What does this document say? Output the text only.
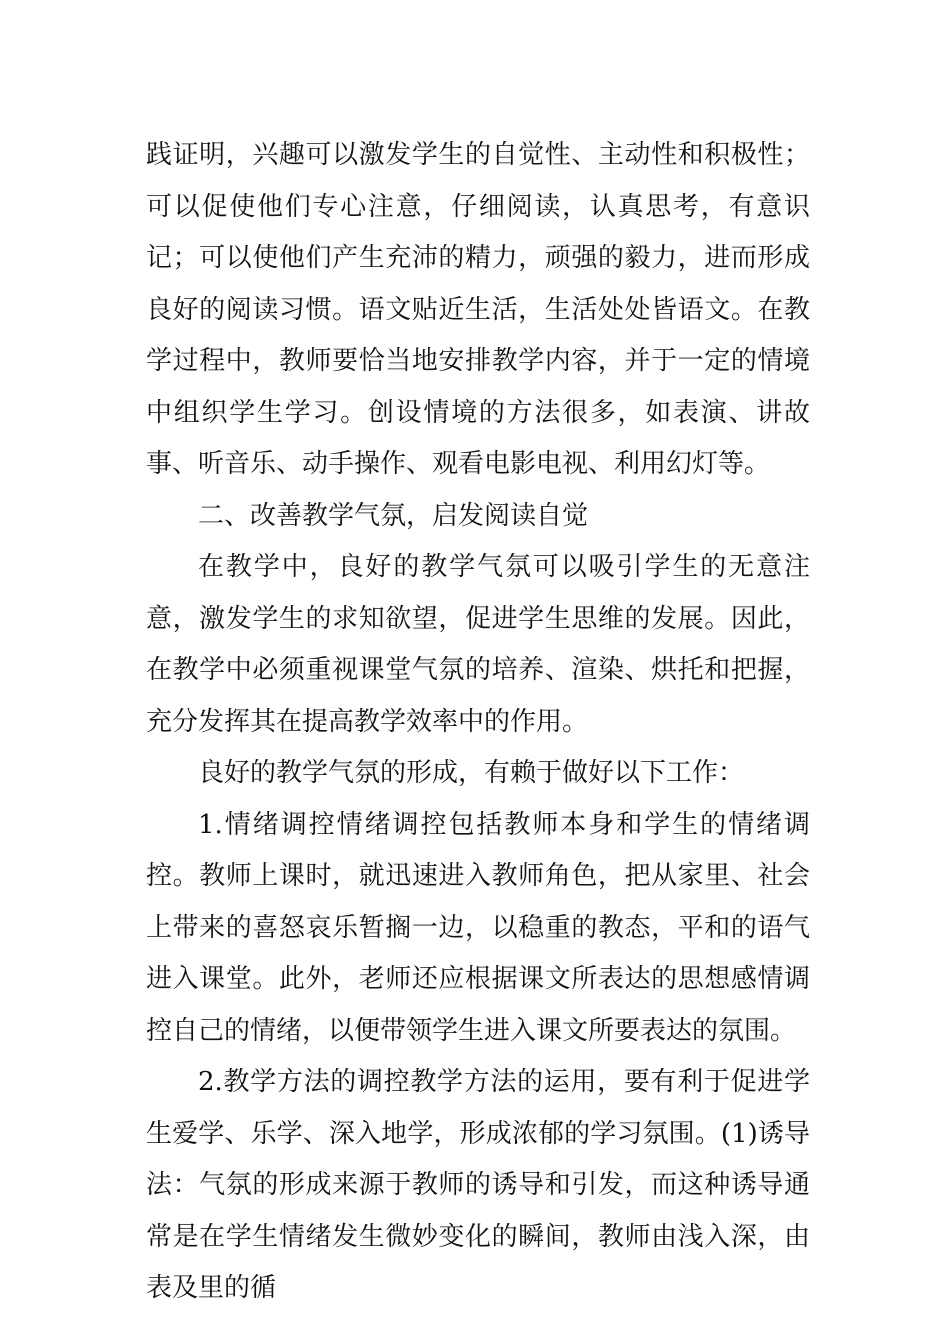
践证明，兴趣可以激发学生的自觉性、主动性和积极性；可以促使他们专心注意，仔细阅读，认真思考，有意识记；可以使他们产生充沛的精力，顽强的毅力，进而形成良好的阅读习惯。语文贴近生活，生活处处皆语文。在教学过程中，教师要恰当地安排教学内容，并于一定的情境中组织学生学习。创设情境的方法很多，如表演、讲故事、听音乐、动手操作、观看电影电视、利用幻灯等。

二、改善教学气氛，启发阅读自觉

在教学中，良好的教学气氛可以吸引学生的无意注意，激发学生的求知欲望，促进学生思维的发展。因此，在教学中必须重视课堂气氛的培养、渲染、烘托和把握，充分发挥其在提高教学效率中的作用。

良好的教学气氛的形成，有赖于做好以下工作：

1.情绪调控情绪调控包括教师本身和学生的情绪调控。教师上课时，就迅速进入教师角色，把从家里、社会上带来的喜怒哀乐暂搁一边，以稳重的教态，平和的语气进入课堂。此外，老师还应根据课文所表达的思想感情调控自己的情绪，以便带领学生进入课文所要表达的氛围。

2.教学方法的调控教学方法的运用，要有利于促进学生爱学、乐学、深入地学，形成浓郁的学习氛围。(1)诱导法：气氛的形成来源于教师的诱导和引发，而这种诱导通常是在学生情绪发生微妙变化的瞬间，教师由浅入深，由表及里的循
